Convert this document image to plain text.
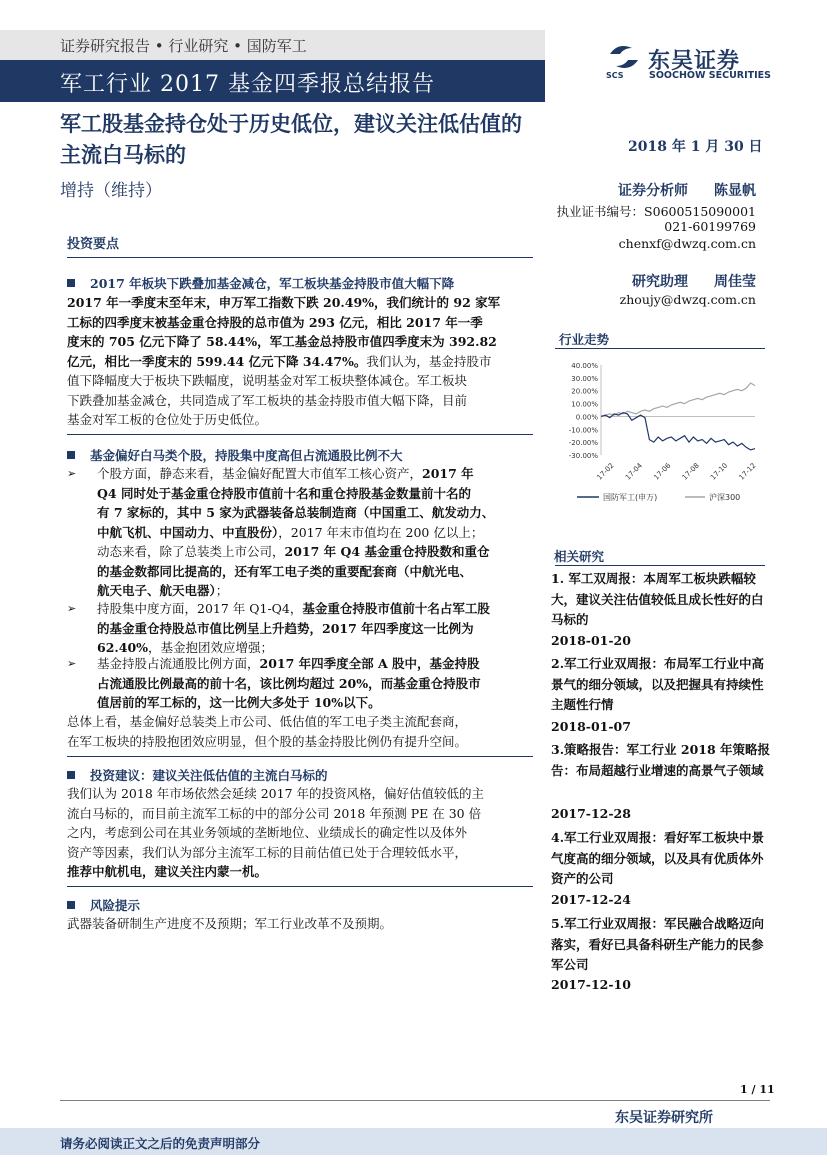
证券研究报告 • 行业研究 • 国防军工
军工行业 2017 基金四季报总结报告	SCS
东吴证券
SOOCHOW SECURITIES
军工股基金持仓处于历史低位，建议关注低估值的主流白马标的
增持（维持）
2018 年 1 月 30 日
证券分析师 陈显帆
执业证书编号：S0600515090001
021-60199769
chenxf@dwzq.com.cn
研究助理 周佳莹
zhoujy@dwzq.com.cn
行业走势
40.00%
30.00%
20.00%
10.00%
0.00%
-10.00%
-20.00%
-30.00%
17-02 17-04 17-06 17-08 17-10 17-12
国防军工(申万)	沪深300
相关研究
1. 军工双周报：本周军工板块跌幅较大，建议关注估值较低且成长性好的白马标的
2018-01-20
2.军工行业双周报：布局军工行业中高景气的细分领域，以及把握具有持续性主题性行情
2018-01-07
3.策略报告：军工行业 2018 年策略报告：布局超越行业增速的高景气子领域
2017-12-28
4.军工行业双周报：看好军工板块中景气度高的细分领域，以及具有优质体外资产的公司
2017-12-24
5.军工行业双周报：军民融合战略迈向落实，看好已具备科研生产能力的民参军公司
2017-12-10
投资要点
2017 年板块下跌叠加基金减仓，军工板块基金持股市值大幅下降
2017 年一季度末至年末，申万军工指数下跌 20.49%，我们统计的 92 家军
工标的四季度末被基金重仓持股的总市值为 293 亿元，相比 2017 年一季
度末的 705 亿元下降了 58.44%，军工基金总持股市值四季度末为 392.82
亿元，相比一季度末的 599.44 亿元下降 34.47%。我们认为，基金持股市
值下降幅度大于板块下跌幅度，说明基金对军工板块整体减仓。军工板块
下跌叠加基金减仓，共同造成了军工板块的基金持股市值大幅下降，目前
基金对军工板的仓位处于历史低位。
基金偏好白马类个股，持股集中度高但占流通股比例不大
➢ 个股方面，静态来看，基金偏好配置大市值军工核心资产，2017 年
Q4 同时处于基金重仓持股市值前十名和重仓持股基金数量前十名的
有 7 家标的，其中 5 家为武器装备总装制造商（中国重工、航发动力、
中航飞机、中国动力、中直股份），2017 年末市值均在 200 亿以上；
动态来看，除了总装类上市公司，2017 年 Q4 基金重仓持股数和重仓
的基金数都同比提高的，还有军工电子类的重要配套商（中航光电、
航天电子、航天电器）；
➢ 持股集中度方面，2017 年 Q1-Q4，基金重仓持股市值前十名占军工股
的基金重仓持股总市值比例呈上升趋势，2017 年四季度这一比例为
62.40%，基金抱团效应增强；
➢ 基金持股占流通股比例方面，2017 年四季度全部 A 股中，基金持股
占流通股比例最高的前十名，该比例均超过 20%，而基金重仓持股市
值居前的军工标的，这一比例大多处于 10%以下。
总体上看，基金偏好总装类上市公司、低估值的军工电子类主流配套商，
在军工板块的持股抱团效应明显，但个股的基金持股比例仍有提升空间。
投资建议：建议关注低估值的主流白马标的
我们认为 2018 年市场依然会延续 2017 年的投资风格，偏好估值较低的主
流白马标的，而目前主流军工标的中的部分公司 2018 年预测 PE 在 30 倍
之内，考虑到公司在其业务领域的垄断地位、业绩成长的确定性以及体外
资产等因素，我们认为部分主流军工标的目前估值已处于合理较低水平，
推荐中航机电，建议关注内蒙一机。
风险提示
武器装备研制生产进度不及预期；军工行业改革不及预期。
1 / 11
东吴证券研究所
请务必阅读正文之后的免责声明部分
